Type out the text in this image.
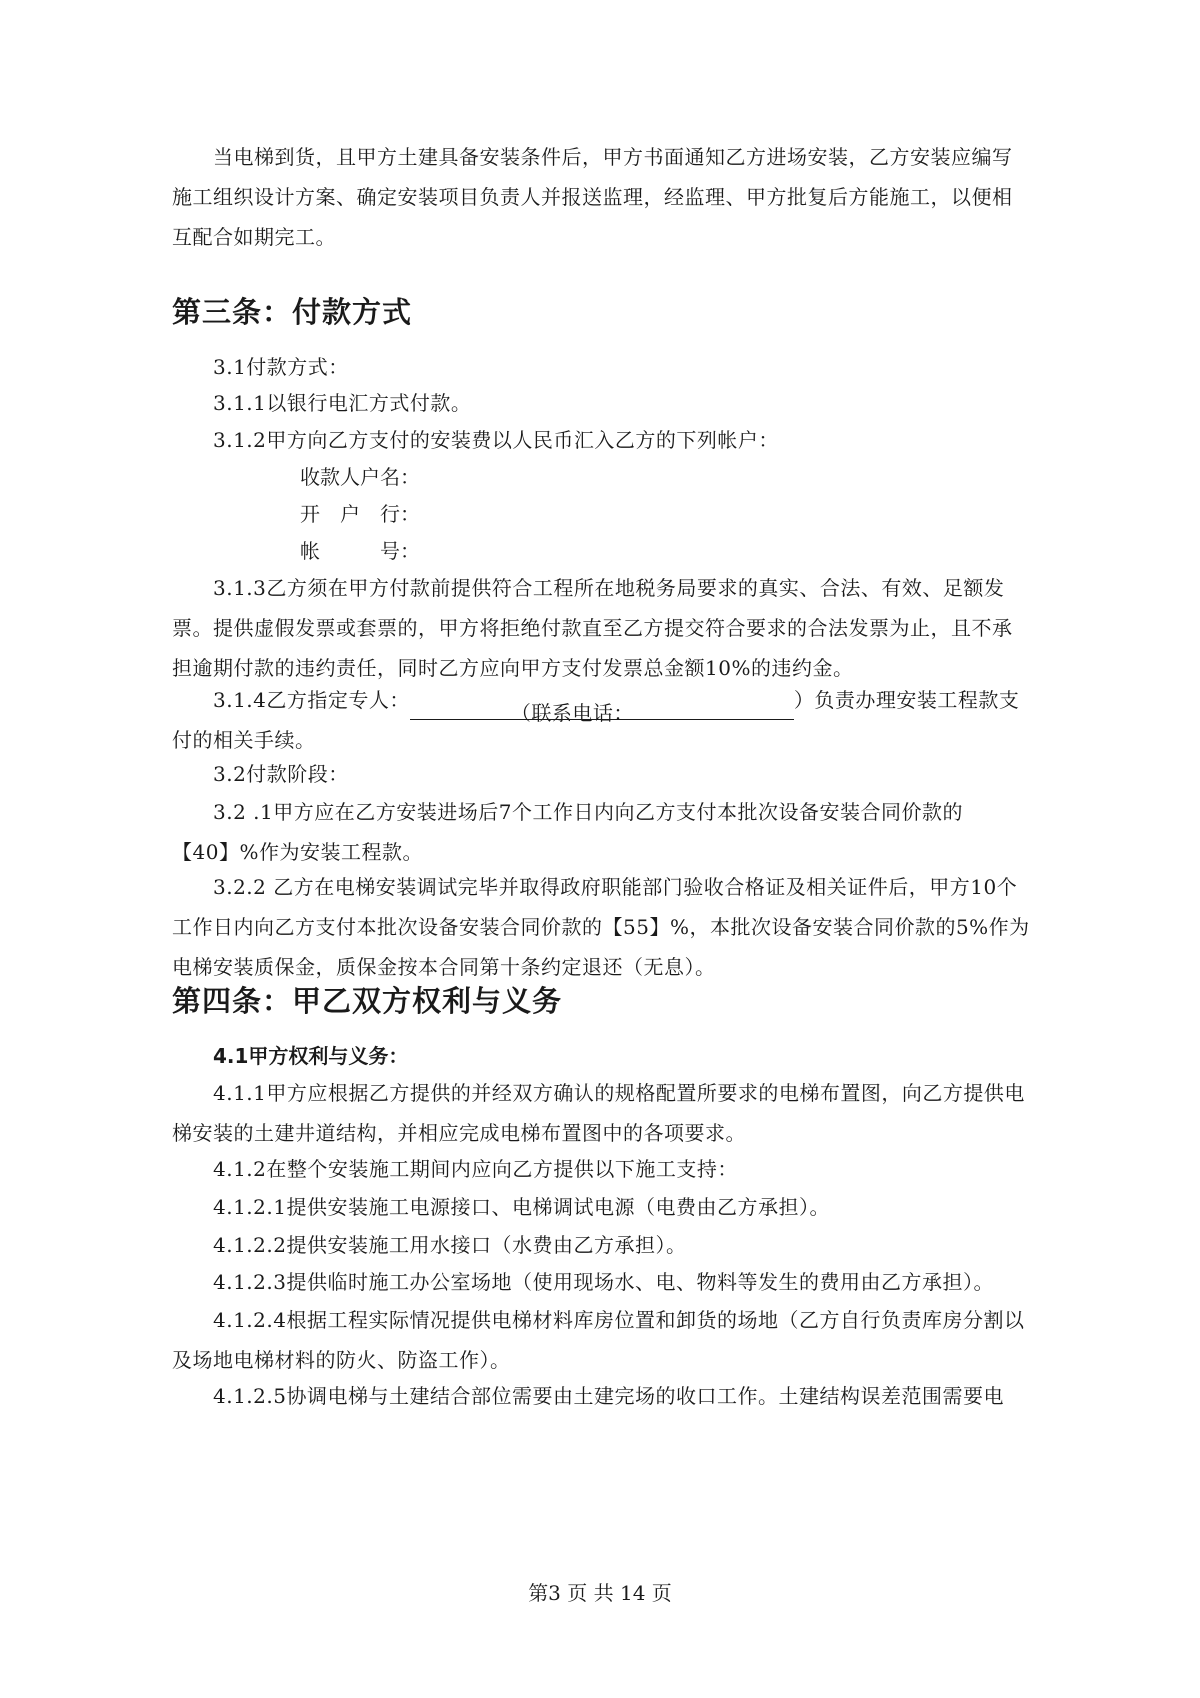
当电梯到货，且甲方土建具备安装条件后，甲方书面通知乙方进场安装，乙方安装应编写施工组织设计方案、确定安装项目负责人并报送监理，经监理、甲方批复后方能施工，以便相互配合如期完工。

第三条：付款方式

3.1付款方式：

3.1.1以银行电汇方式付款。

3.1.2甲方向乙方支付的安装费以人民币汇入乙方的下列帐户：

收款人户名：

开　户　行：

帐　　　号：

3.1.3乙方须在甲方付款前提供符合工程所在地税务局要求的真实、合法、有效、足额发票。提供虚假发票或套票的，甲方将拒绝付款直至乙方提交符合要求的合法发票为止，且不承担逾期付款的违约责任，同时乙方应向甲方支付发票总金额10%的违约金。

3.1.4乙方指定专人：（联系电话：）负责办理安装工程款支付的相关手续。

3.2付款阶段：

3.2 .1甲方应在乙方安装进场后7个工作日内向乙方支付本批次设备安装合同价款的【40】%作为安装工程款。

3.2.2 乙方在电梯安装调试完毕并取得政府职能部门验收合格证及相关证件后，甲方10个工作日内向乙方支付本批次设备安装合同价款的【55】%，本批次设备安装合同价款的5%作为电梯安装质保金，质保金按本合同第十条约定退还（无息）。

第四条：甲乙双方权利与义务

4.1甲方权利与义务：

4.1.1甲方应根据乙方提供的并经双方确认的规格配置所要求的电梯布置图，向乙方提供电梯安装的土建井道结构，并相应完成电梯布置图中的各项要求。

4.1.2在整个安装施工期间内应向乙方提供以下施工支持：

4.1.2.1提供安装施工电源接口、电梯调试电源（电费由乙方承担）。

4.1.2.2提供安装施工用水接口（水费由乙方承担）。

4.1.2.3提供临时施工办公室场地（使用现场水、电、物料等发生的费用由乙方承担）。

4.1.2.4根据工程实际情况提供电梯材料库房位置和卸货的场地（乙方自行负责库房分割以及场地电梯材料的防火、防盗工作）。

4.1.2.5协调电梯与土建结合部位需要由土建完场的收口工作。土建结构误差范围需要电

第3 页 共 14 页
